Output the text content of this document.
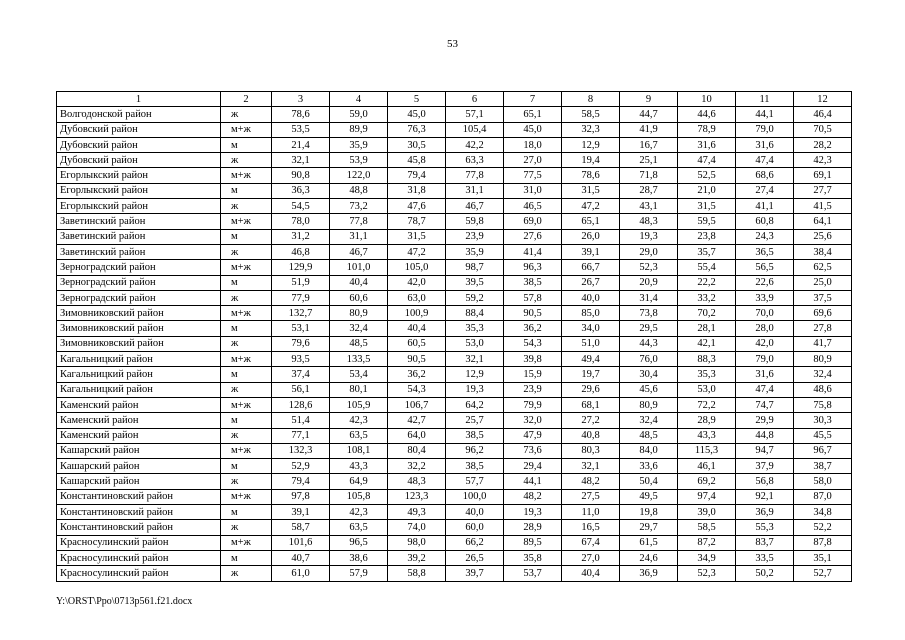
53
1	2	3	4	5	6	7	8	9	10	11	12
Волгодонской район	ж	78,6	59,0	45,0	57,1	65,1	58,5	44,7	44,6	44,1	46,4
Дубовский район	м+ж	53,5	89,9	76,3	105,4	45,0	32,3	41,9	78,9	79,0	70,5
Дубовский район	м	21,4	35,9	30,5	42,2	18,0	12,9	16,7	31,6	31,6	28,2
Дубовский район	ж	32,1	53,9	45,8	63,3	27,0	19,4	25,1	47,4	47,4	42,3
Егорлыкский район	м+ж	90,8	122,0	79,4	77,8	77,5	78,6	71,8	52,5	68,6	69,1
Егорлыкский район	м	36,3	48,8	31,8	31,1	31,0	31,5	28,7	21,0	27,4	27,7
Егорлыкский район	ж	54,5	73,2	47,6	46,7	46,5	47,2	43,1	31,5	41,1	41,5
Заветинский район	м+ж	78,0	77,8	78,7	59,8	69,0	65,1	48,3	59,5	60,8	64,1
Заветинский район	м	31,2	31,1	31,5	23,9	27,6	26,0	19,3	23,8	24,3	25,6
Заветинский район	ж	46,8	46,7	47,2	35,9	41,4	39,1	29,0	35,7	36,5	38,4
Зерноградский район	м+ж	129,9	101,0	105,0	98,7	96,3	66,7	52,3	55,4	56,5	62,5
Зерноградский район	м	51,9	40,4	42,0	39,5	38,5	26,7	20,9	22,2	22,6	25,0
Зерноградский район	ж	77,9	60,6	63,0	59,2	57,8	40,0	31,4	33,2	33,9	37,5
Зимовниковский район	м+ж	132,7	80,9	100,9	88,4	90,5	85,0	73,8	70,2	70,0	69,6
Зимовниковский район	м	53,1	32,4	40,4	35,3	36,2	34,0	29,5	28,1	28,0	27,8
Зимовниковский район	ж	79,6	48,5	60,5	53,0	54,3	51,0	44,3	42,1	42,0	41,7
Кагальницкий район	м+ж	93,5	133,5	90,5	32,1	39,8	49,4	76,0	88,3	79,0	80,9
Кагальницкий район	м	37,4	53,4	36,2	12,9	15,9	19,7	30,4	35,3	31,6	32,4
Кагальницкий район	ж	56,1	80,1	54,3	19,3	23,9	29,6	45,6	53,0	47,4	48,6
Каменский район	м+ж	128,6	105,9	106,7	64,2	79,9	68,1	80,9	72,2	74,7	75,8
Каменский район	м	51,4	42,3	42,7	25,7	32,0	27,2	32,4	28,9	29,9	30,3
Каменский район	ж	77,1	63,5	64,0	38,5	47,9	40,8	48,5	43,3	44,8	45,5
Кашарский район	м+ж	132,3	108,1	80,4	96,2	73,6	80,3	84,0	115,3	94,7	96,7
Кашарский район	м	52,9	43,3	32,2	38,5	29,4	32,1	33,6	46,1	37,9	38,7
Кашарский район	ж	79,4	64,9	48,3	57,7	44,1	48,2	50,4	69,2	56,8	58,0
Константиновский район	м+ж	97,8	105,8	123,3	100,0	48,2	27,5	49,5	97,4	92,1	87,0
Константиновский район	м	39,1	42,3	49,3	40,0	19,3	11,0	19,8	39,0	36,9	34,8
Константиновский район	ж	58,7	63,5	74,0	60,0	28,9	16,5	29,7	58,5	55,3	52,2
Красносулинский район	м+ж	101,6	96,5	98,0	66,2	89,5	67,4	61,5	87,2	83,7	87,8
Красносулинский район	м	40,7	38,6	39,2	26,5	35,8	27,0	24,6	34,9	33,5	35,1
Красносулинский район	ж	61,0	57,9	58,8	39,7	53,7	40,4	36,9	52,3	50,2	52,7
Y:\ORST\Ppo\0713p561.f21.docx
